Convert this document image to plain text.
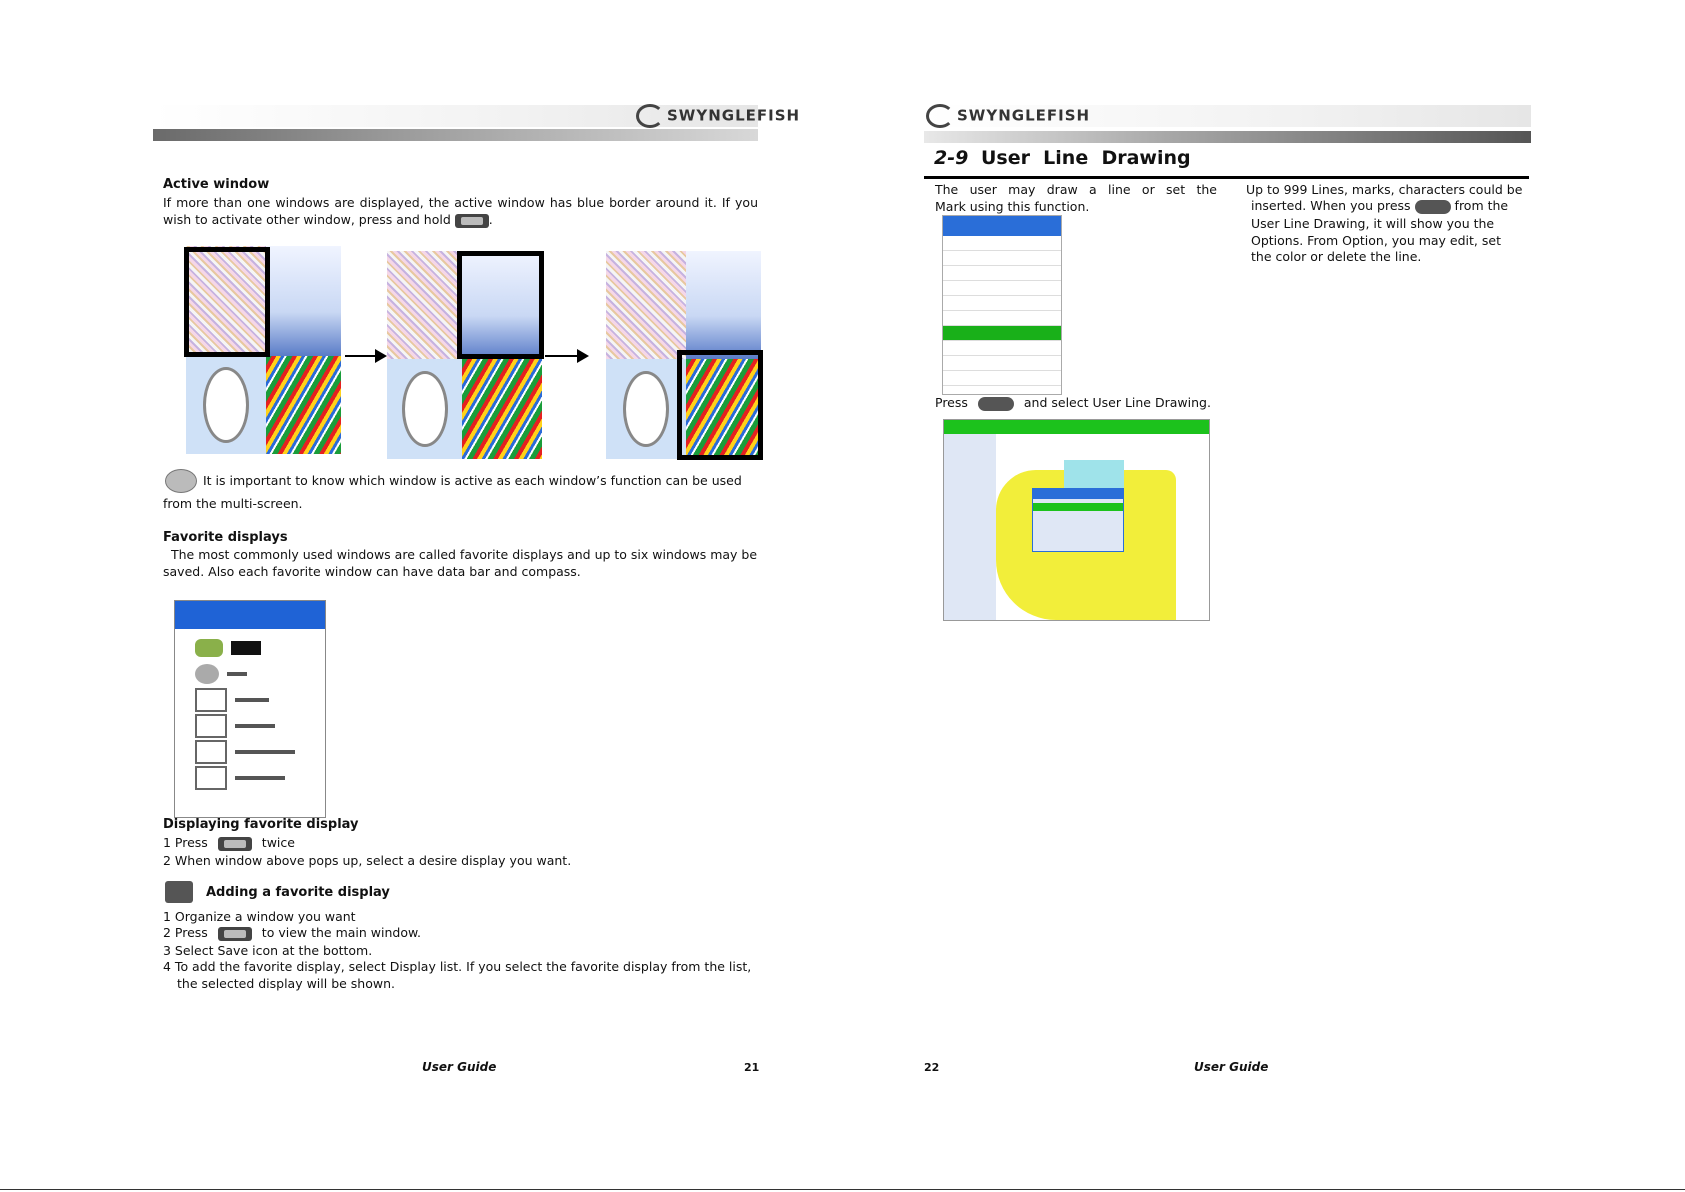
SWYNGLEFISH
Active window
If more than one windows are displayed, the active window has blue border around it. If you wish to activate other window, press and hold	.
It is important to know which window is active as each window’s function can be used
from the multi-screen.
Favorite displays
The most commonly used windows are called favorite displays and up to six windows may be saved. Also each favorite window can have data bar and compass.
Displaying favorite display
1 Press	twice
2 When window above pops up, select a desire display you want.
Adding a favorite display
1 Organize a window you want
2 Press	to view the main window.
3 Select Save icon at the bottom.
4 To add the favorite display, select Display list. If you select the favorite display from the list,
the selected display will be shown.
User Guide	21
SWYNGLEFISH
2-9 User  Line  Drawing
The  user  may  draw  a  line  or  set  the  Mark using this function.
Press	and select User Line Drawing.
Up to 999 Lines, marks, characters could be
inserted. When you press	from the
User Line Drawing, it will show you the
Options. From Option, you may edit, set
the color or delete the line.
22	User Guide
